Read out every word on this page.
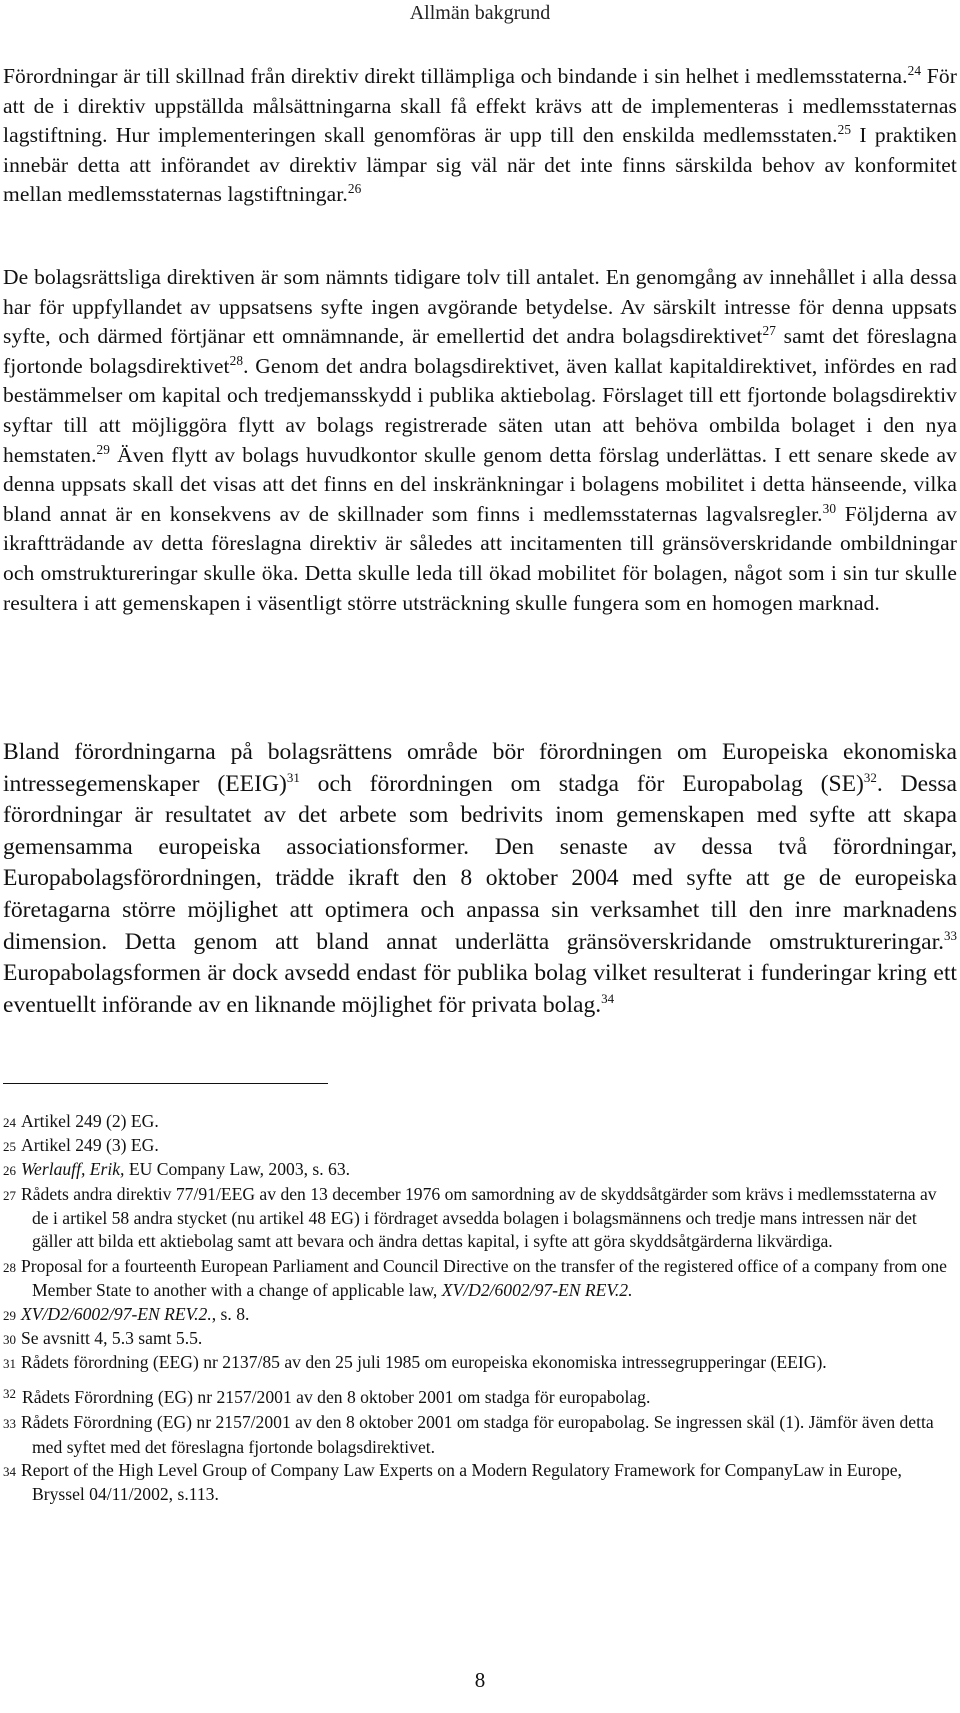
Allmän bakgrund

Förordningar är till skillnad från direktiv direkt tillämpliga och bindande i sin helhet i medlemsstaterna.$^{24}$ För att de i direktiv uppställda målsättningarna skall få effekt krävs att de implementeras i medlemsstaternas lagstiftning. Hur implementeringen skall genomföras är upp till den enskilda medlemsstaten.$^{25}$ I praktiken innebär detta att införandet av direktiv lämpar sig väl när det inte finns särskilda behov av konformitet mellan medlemsstaternas lagstiftningar.$^{26}$

De bolagsrättsliga direktiven är som nämnts tidigare tolv till antalet. En genomgång av innehållet i alla dessa har för uppfyllandet av uppsatsens syfte ingen avgörande betydelse. Av särskilt intresse för denna uppsats syfte, och därmed förtjänar ett omnämnande, är emellertid det andra bolagsdirektivet$^{27}$ samt det föreslagna fjortonde bolagsdirektivet$^{28}$. Genom det andra bolagsdirektivet, även kallat kapitaldirektivet, infördes en rad bestämmelser om kapital och tredjemansskydd i publika aktiebolag. Förslaget till ett fjortonde bolagsdirektiv syftar till att möjliggöra flytt av bolags registrerade säten utan att behöva ombilda bolaget i den nya hemstaten.$^{29}$ Även flytt av bolags huvudkontor skulle genom detta förslag underlättas. I ett senare skede av denna uppsats skall det visas att det finns en del inskränkningar i bolagens mobilitet i detta hänseende, vilka bland annat är en konsekvens av de skillnader som finns i medlemsstaternas lagvalsregler.$^{30}$ Följderna av ikraftträdande av detta föreslagna direktiv är således att incitamenten till gränsöverskridande ombildningar och omstruktureringar skulle öka. Detta skulle leda till ökad mobilitet för bolagen, något som i sin tur skulle resultera i att gemenskapen i väsentligt större utsträckning skulle fungera som en homogen marknad.

Bland förordningarna på bolagsrättens område bör förordningen om Europeiska ekonomiska intressegemenskaper (EEIG)$^{31}$ och förordningen om stadga för Europabolag (SE)$^{32}$. Dessa förordningar är resultatet av det arbete som bedrivits inom gemenskapen med syfte att skapa gemensamma europeiska associationsformer. Den senaste av dessa två förordningar, Europabolagsförordningen, trädde ikraft den 8 oktober 2004 med syfte att ge de europeiska företagarna större möjlighet att optimera och anpassa sin verksamhet till den inre marknadens dimension. Detta genom att bland annat underlätta gränsöverskridande omstruktureringar.$^{33}$ Europabolagsformen är dock avsedd endast för publika bolag vilket resulterat i funderingar kring ett eventuellt införande av en liknande möjlighet för privata bolag.$^{34}$

24 Artikel 249 (2) EG.

25 Artikel 249 (3) EG.

26 Werlauff, Erik, EU Company Law, 2003, s. 63.

27 Rådets andra direktiv 77/91/EEG av den 13 december 1976 om samordning av de skyddsåtgärder som krävs i medlemsstaterna av de i artikel 58 andra stycket (nu artikel 48 EG) i fördraget avsedda bolagen i bolagsmännens och tredje mans intressen när det gäller att bilda ett aktiebolag samt att bevara och ändra dettas kapital, i syfte att göra skyddsåtgärderna likvärdiga.

28 Proposal for a fourteenth European Parliament and Council Directive on the transfer of the registered office of a company from one Member State to another with a change of applicable law, XV/D2/6002/97-EN REV.2.

29 XV/D2/6002/97-EN REV.2., s. 8.

30 Se avsnitt 4, 5.3 samt 5.5.

31 Rådets förordning (EEG) nr 2137/85 av den 25 juli 1985 om europeiska ekonomiska intressegrupperingar (EEIG).

$^{32}$ Rådets Förordning (EG) nr 2157/2001 av den 8 oktober 2001 om stadga för europabolag.

33 Rådets Förordning (EG) nr 2157/2001 av den 8 oktober 2001 om stadga för europabolag. Se ingressen skäl (1). Jämför även detta med syftet med det föreslagna fjortonde bolagsdirektivet.

34 Report of the High Level Group of Company Law Experts on a Modern Regulatory Framework for CompanyLaw in Europe, Bryssel 04/11/2002, s.113.

8
